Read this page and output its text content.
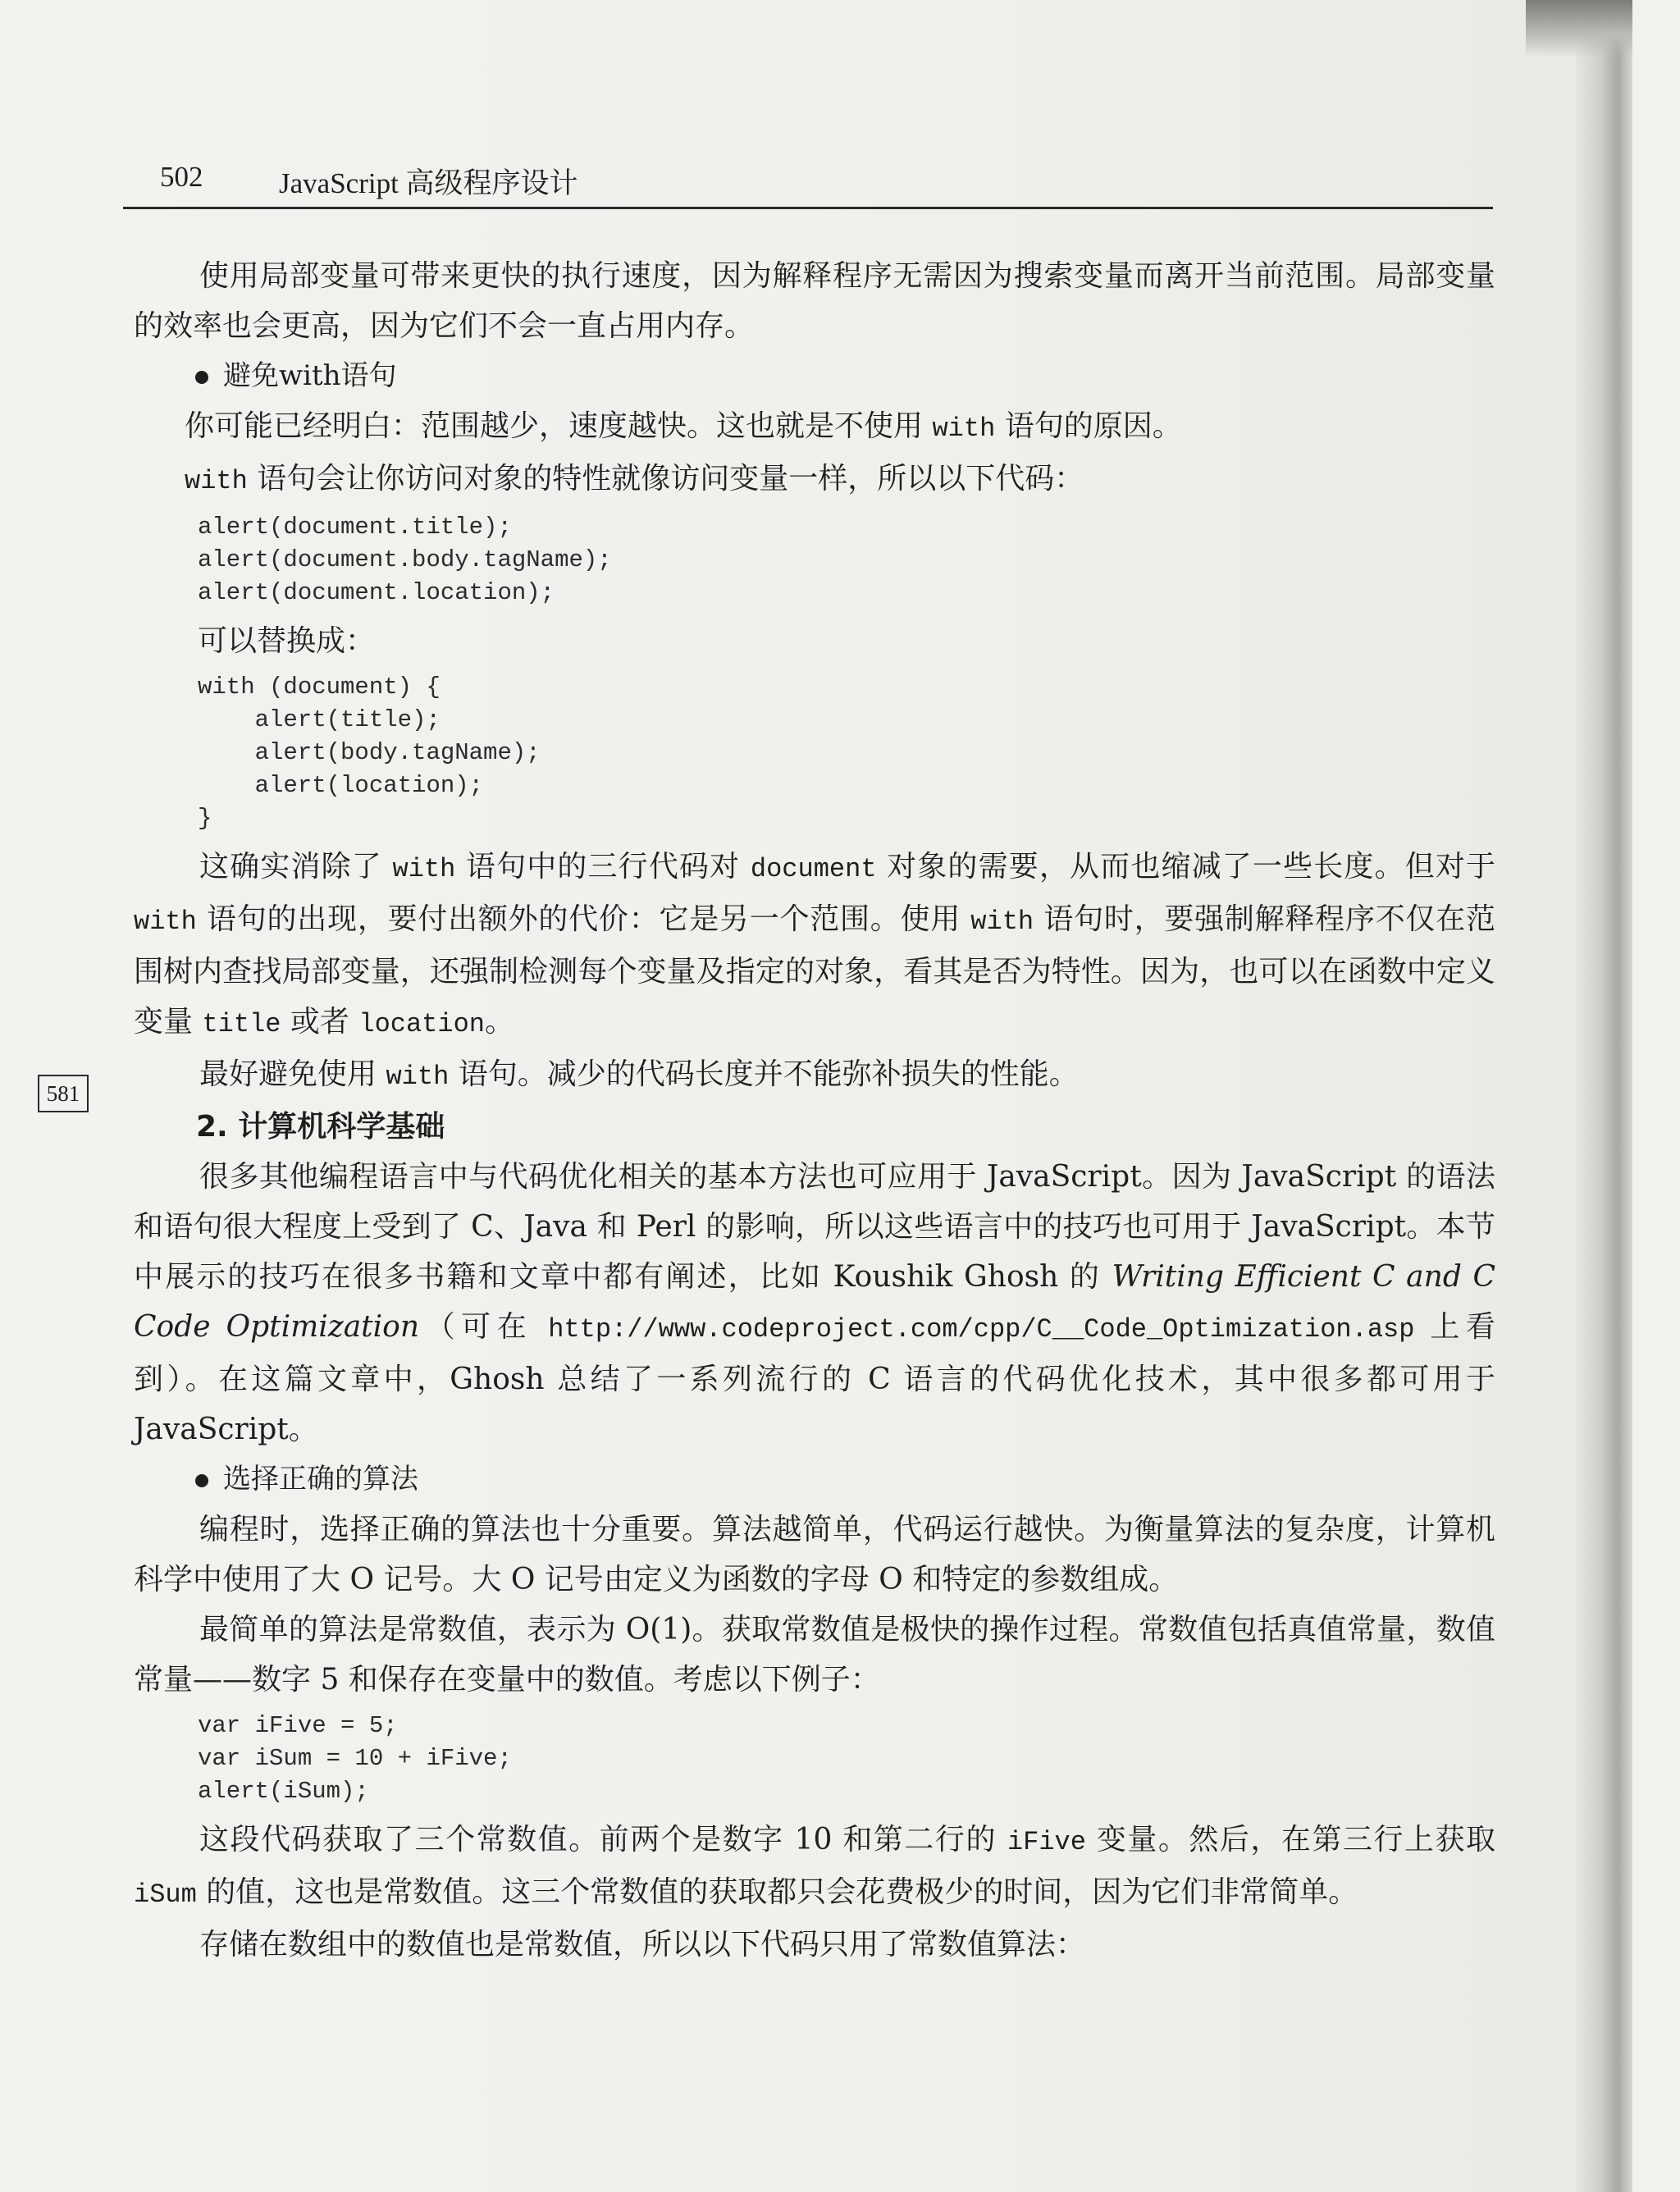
502	JavaScript 高级程序设计
581

使用局部变量可带来更快的执行速度，因为解释程序无需因为搜索变量而离开当前范围。局部变量的效率也会更高，因为它们不会一直占用内存。

避免with语句

你可能已经明白：范围越少，速度越快。这也就是不使用 with 语句的原因。

with 语句会让你访问对象的特性就像访问变量一样，所以以下代码：

alert(document.title);
alert(document.body.tagName);
alert(document.location);

可以替换成：

with (document) {
alert(title);
alert(body.tagName);
alert(location);
}

这确实消除了 with 语句中的三行代码对 document 对象的需要，从而也缩减了一些长度。但对于 with 语句的出现，要付出额外的代价：它是另一个范围。使用 with 语句时，要强制解释程序不仅在范围树内查找局部变量，还强制检测每个变量及指定的对象，看其是否为特性。因为，也可以在函数中定义变量 title 或者 location。

最好避免使用 with 语句。减少的代码长度并不能弥补损失的性能。

2. 计算机科学基础

很多其他编程语言中与代码优化相关的基本方法也可应用于 JavaScript。因为 JavaScript 的语法和语句很大程度上受到了 C、Java 和 Perl 的影响，所以这些语言中的技巧也可用于 JavaScript。本节中展示的技巧在很多书籍和文章中都有阐述，比如 Koushik Ghosh 的 Writing Efficient C and C Code Optimization（可在 http://www.codeproject.com/cpp/C__Code_Optimization.asp 上看到）。在这篇文章中，Ghosh 总结了一系列流行的 C 语言的代码优化技术，其中很多都可用于 JavaScript。

选择正确的算法

编程时，选择正确的算法也十分重要。算法越简单，代码运行越快。为衡量算法的复杂度，计算机科学中使用了大 O 记号。大 O 记号由定义为函数的字母 O 和特定的参数组成。

最简单的算法是常数值，表示为 O(1)。获取常数值是极快的操作过程。常数值包括真值常量，数值常量——数字 5 和保存在变量中的数值。考虑以下例子：

var iFive = 5;
var iSum = 10 + iFive;
alert(iSum);

这段代码获取了三个常数值。前两个是数字 10 和第二行的 iFive 变量。然后，在第三行上获取 iSum 的值，这也是常数值。这三个常数值的获取都只会花费极少的时间，因为它们非常简单。

存储在数组中的数值也是常数值，所以以下代码只用了常数值算法：
